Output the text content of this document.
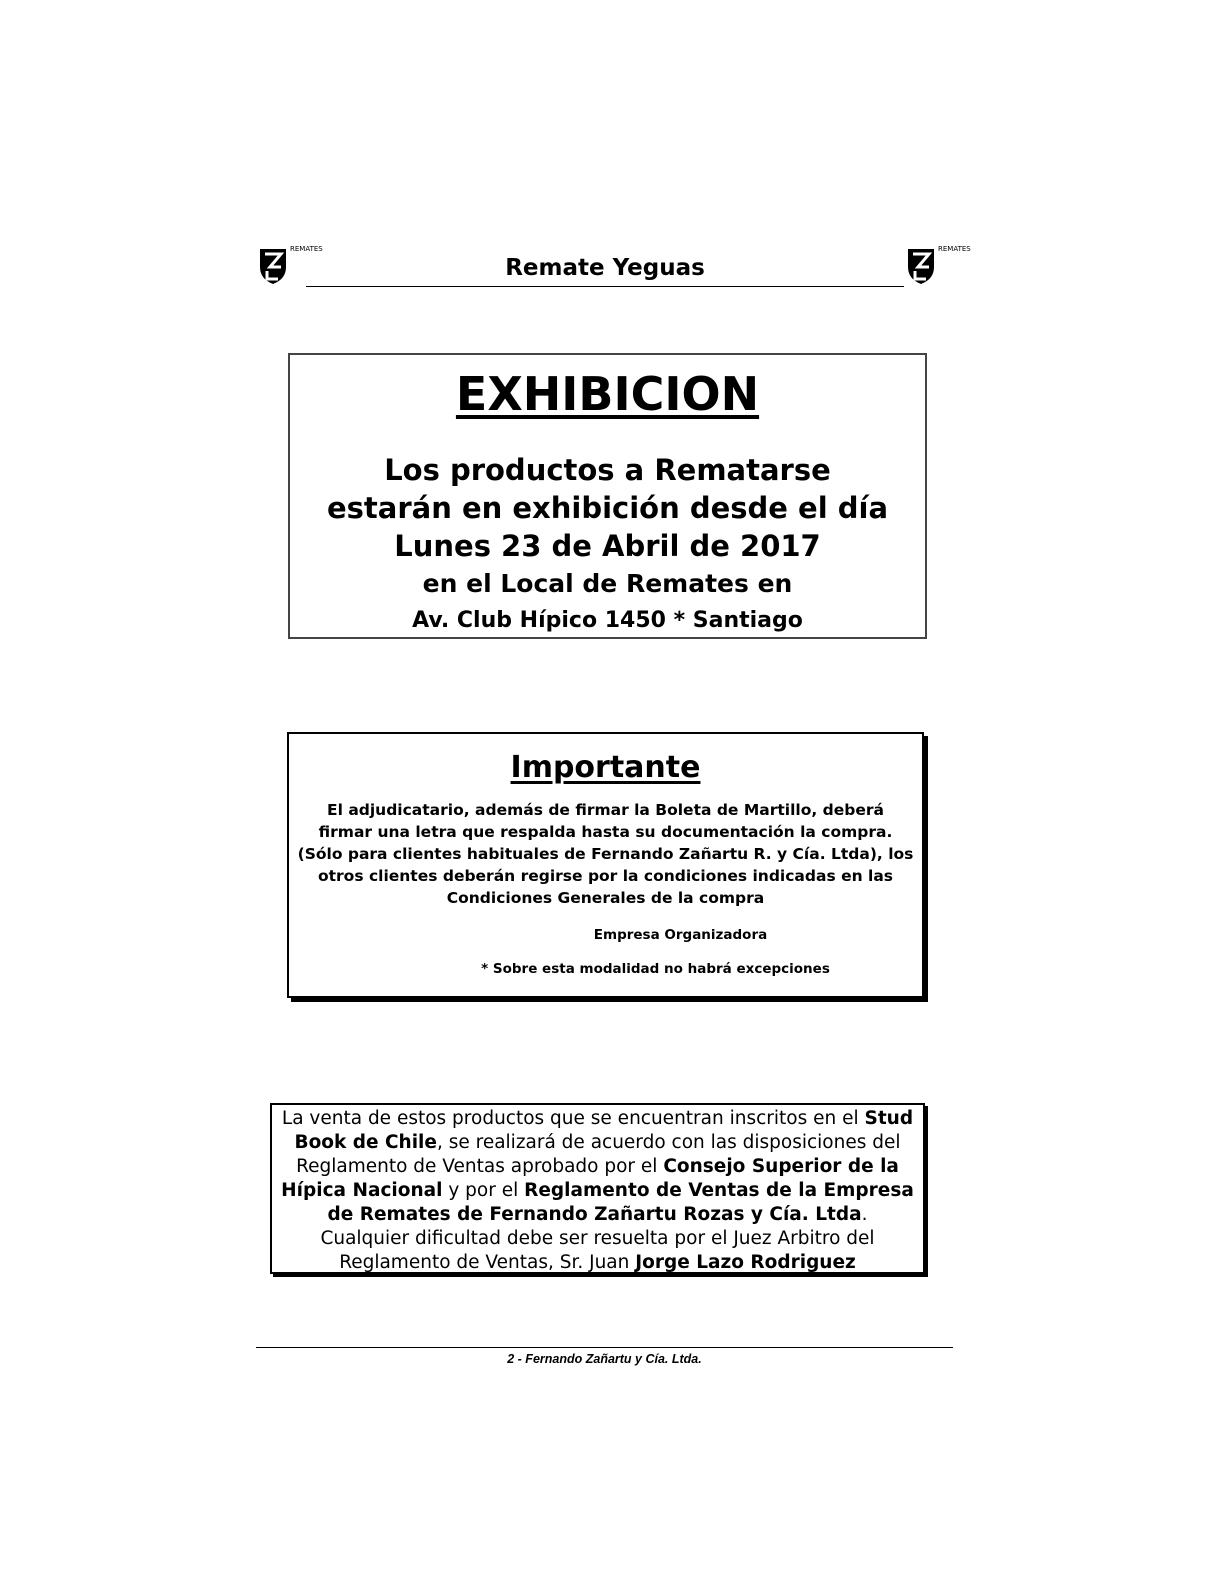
REMATES
Remate Yeguas
REMATES
EXHIBICION
Los productos a Rematarse
estarán en exhibición desde el día
Lunes 23 de Abril de 2017
en el Local de Remates en
Av. Club Hípico 1450 * Santiago
Importante
El adjudicatario, además de firmar la Boleta de Martillo, deberá
firmar una letra que respalda hasta su documentación la compra.
(Sólo para clientes habituales de Fernando Zañartu R. y Cía. Ltda), los
otros clientes deberán regirse por la condiciones indicadas en las
Condiciones Generales de la compra
Empresa Organizadora
* Sobre esta modalidad no habrá excepciones
La venta de estos productos que se encuentran inscritos en el Stud Book de Chile, se realizará de acuerdo con las disposiciones del Reglamento de Ventas aprobado por el Consejo Superior de la Hípica Nacional y por el Reglamento de Ventas de la Empresa de Remates de Fernando Zañartu Rozas y Cía. Ltda.
Cualquier dificultad debe ser resuelta por el Juez Arbitro del Reglamento de Ventas, Sr. Juan Jorge Lazo Rodriguez
2 - Fernando Zañartu y Cía. Ltda.
